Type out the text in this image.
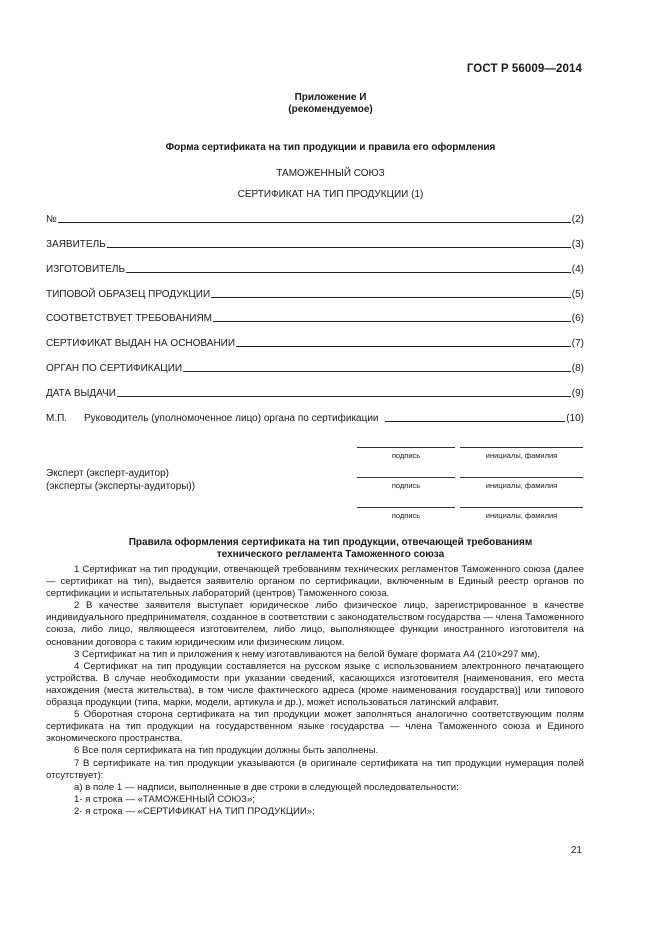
ГОСТ Р 56009—2014
Приложение И
(рекомендуемое)
Форма сертификата на тип продукции и правила его оформления
ТАМОЖЕННЫЙ СОЮЗ
СЕРТИФИКАТ НА ТИП ПРОДУКЦИИ (1)
№	(2)
ЗАЯВИТЕЛЬ	(3)
ИЗГОТОВИТЕЛЬ	(4)
ТИПОВОЙ ОБРАЗЕЦ ПРОДУКЦИИ	(5)
СООТВЕТСТВУЕТ ТРЕБОВАНИЯМ	(6)
СЕРТИФИКАТ ВЫДАН НА ОСНОВАНИИ	(7)
ОРГАН ПО СЕРТИФИКАЦИИ	(8)
ДАТА ВЫДАЧИ	(9)
М.П.	Руководитель (уполномоченное лицо) органа по сертификации	(10)
подпись	инициалы, фамилия
Эксперт (эксперт-аудитор)
(эксперты (эксперты-аудиторы))	подпись	инициалы, фамилия
подпись	инициалы, фамилия
Правила оформления сертификата на тип продукции, отвечающей требованиям
технического регламента Таможенного союза

1 Сертификат на тип продукции, отвечающей требованиям технических регламентов Таможенного союза (далее — сертификат на тип), выдается заявителю органом по сертификации, включенным в Единый реестр органов по сертификации и испытательных лабораторий (центров) Таможенного союза.

2 В качестве заявителя выступает юридическое либо физическое лицо, зарегистрированное в качестве индивидуального предпринимателя, созданное в соответствии с законодательством государства — члена Таможенного союза, либо лицо, являющееся изготовителем, либо лицо, выполняющее функции иностранного изготовителя на основании договора с таким юридическим или физическим лицом.

3 Сертификат на тип и приложения к нему изготавливаются на белой бумаге формата А4 (210×297 мм).

4 Сертификат на тип продукции составляется на русском языке с использованием электронного печатающего устройства. В случае необходимости при указании сведений, касающихся изготовителя [наименования, его места нахождения (места жительства), в том числе фактического адреса (кроме наименования государства)] или типового образца продукции (типа, марки, модели, артикула и др.), может использоваться латинский алфавит.

5 Оборотная сторона сертификата на тип продукции может заполняться аналогично соответствующим полям сертификата на тип продукции на государственном языке государства — члена Таможенного союза и Единого экономического пространства.

6 Все поля сертификата на тип продукции должны быть заполнены.

7 В сертификате на тип продукции указываются (в оригинале сертификата на тип продукции нумерация полей отсутствует):

а) в поле 1 — надписи, выполненные в две строки в следующей последовательности:

1- я строка — «ТАМОЖЕННЫЙ СОЮЗ»;

2- я строка — «СЕРТИФИКАТ НА ТИП ПРОДУКЦИИ»;

21
